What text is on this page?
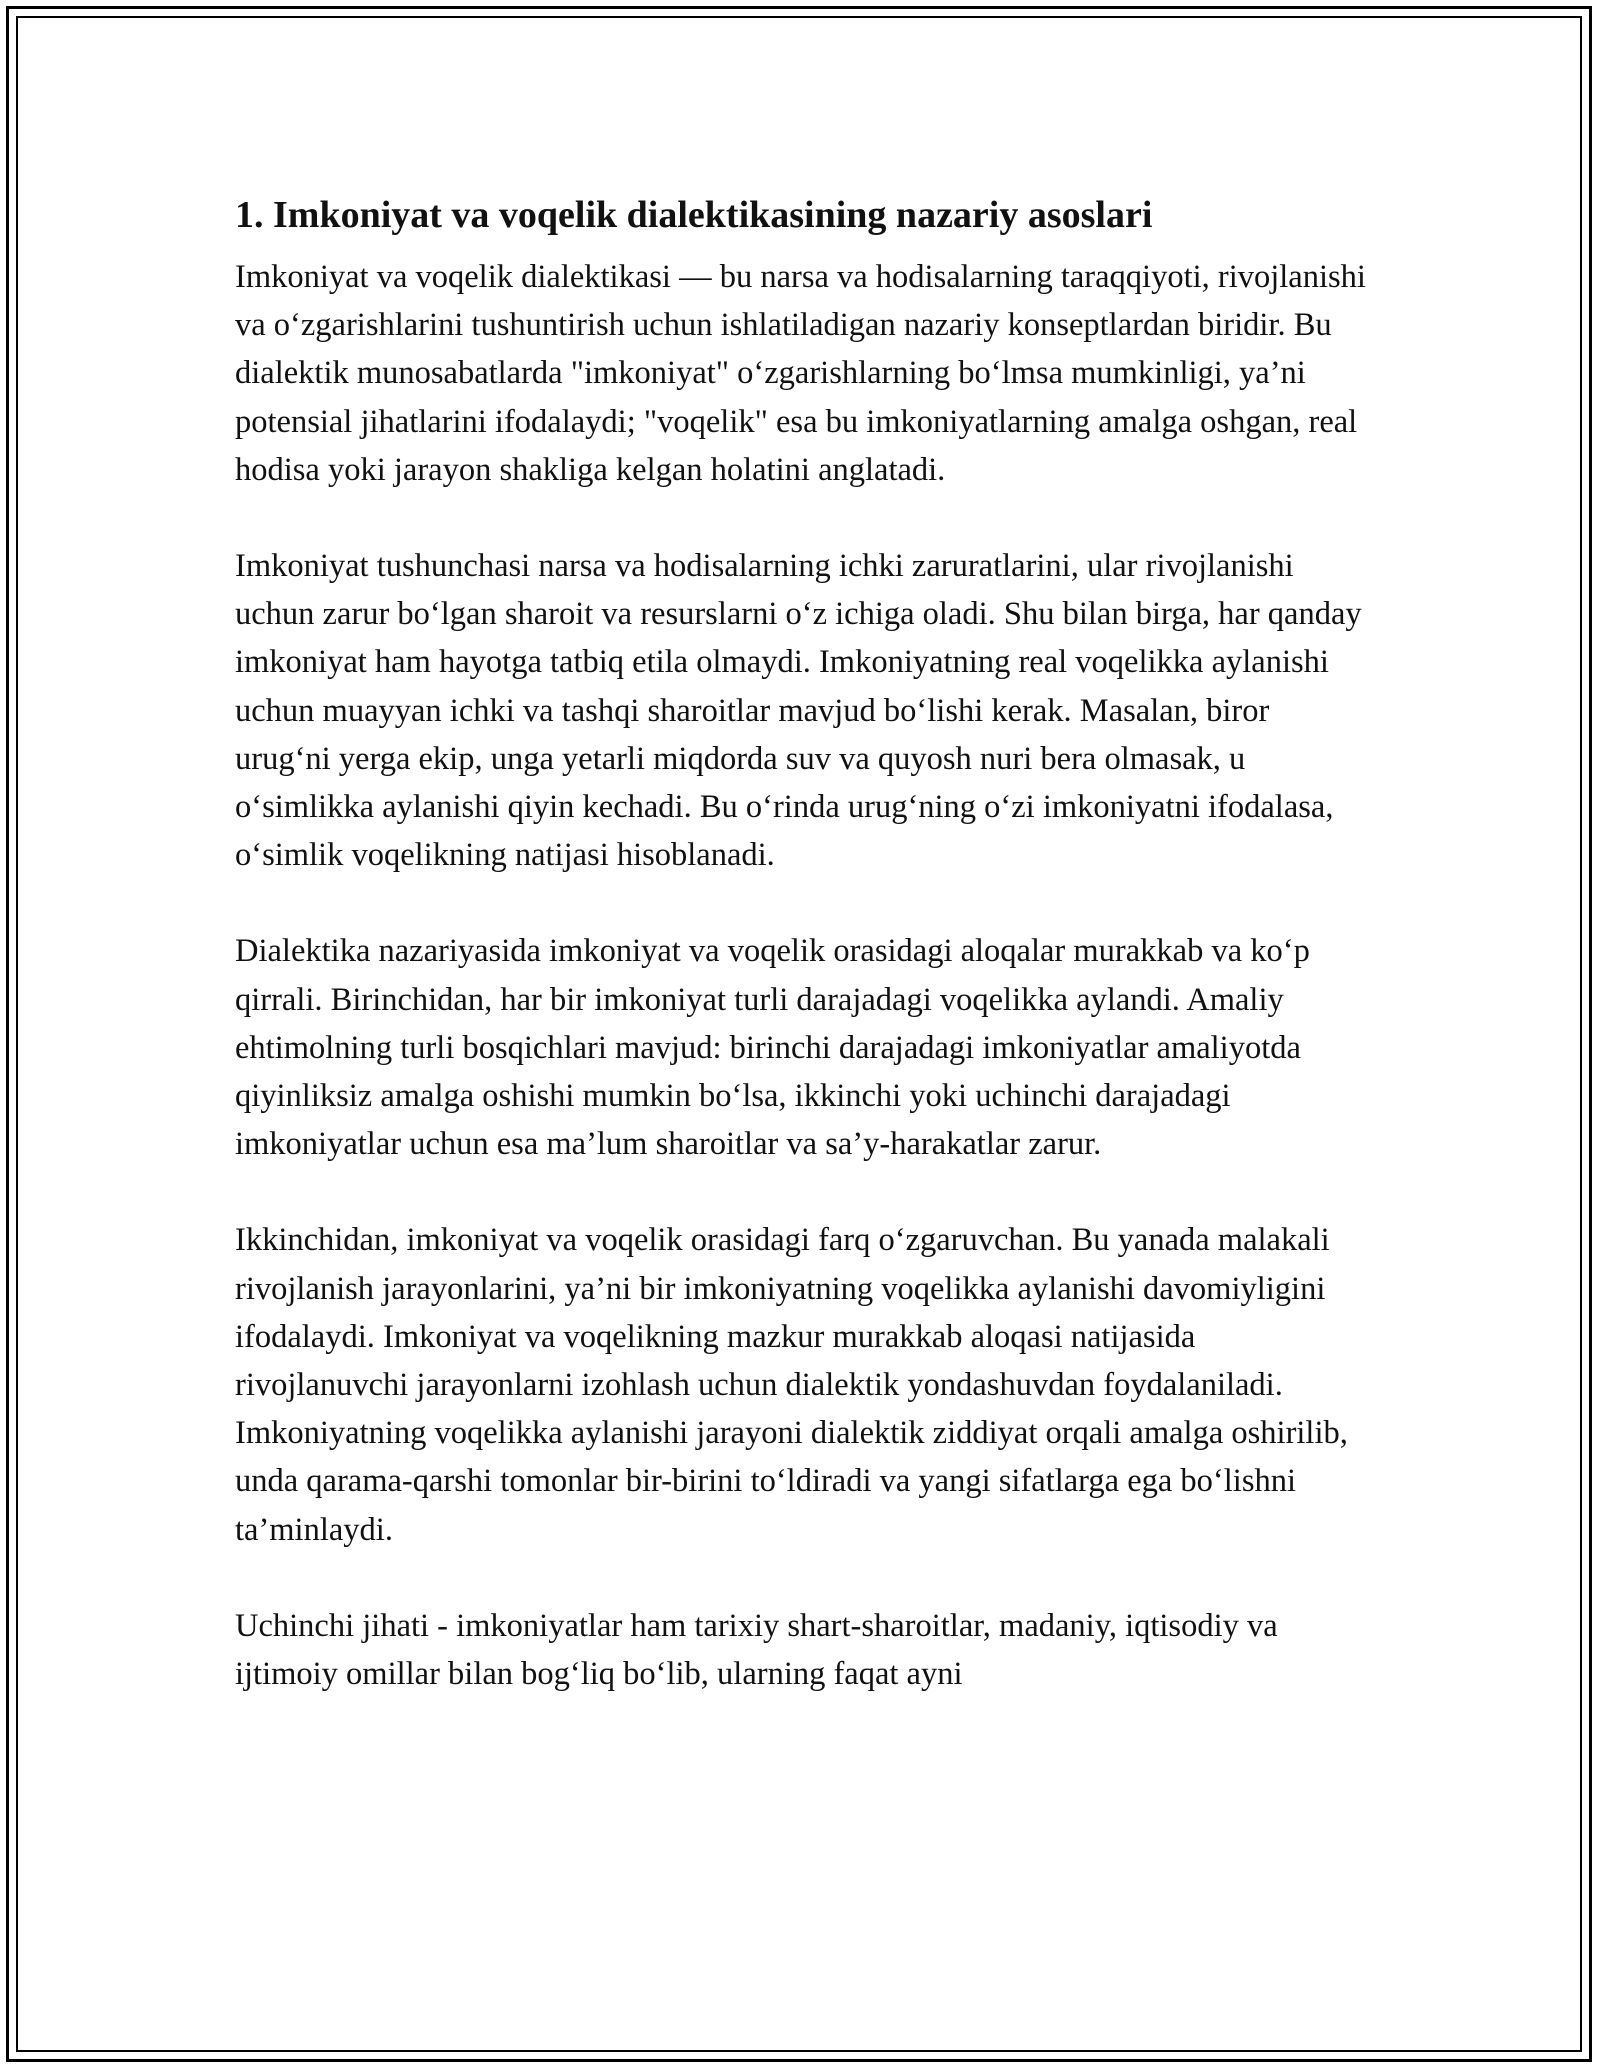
1. Imkoniyat va voqelik dialektikasining nazariy asoslari

Imkoniyat va voqelik dialektikasi — bu narsa va hodisalarning taraqqiyoti, rivojlanishi va o‘zgarishlarini tushuntirish uchun ishlatiladigan nazariy konseptlardan biridir. Bu dialektik munosabatlarda "imkoniyat" o‘zgarishlarning bo‘lmsa mumkinligi, ya’ni potensial jihatlarini ifodalaydi; "voqelik" esa bu imkoniyatlarning amalga oshgan, real hodisa yoki jarayon shakliga kelgan holatini anglatadi.

Imkoniyat tushunchasi narsa va hodisalarning ichki zaruratlarini, ular rivojlanishi uchun zarur bo‘lgan sharoit va resurslarni o‘z ichiga oladi. Shu bilan birga, har qanday imkoniyat ham hayotga tatbiq etila olmaydi. Imkoniyatning real voqelikka aylanishi uchun muayyan ichki va tashqi sharoitlar mavjud bo‘lishi kerak. Masalan, biror urug‘ni yerga ekip, unga yetarli miqdorda suv va quyosh nuri bera olmasak, u o‘simlikka aylanishi qiyin kechadi. Bu o‘rinda urug‘ning o‘zi imkoniyatni ifodalasa, o‘simlik voqelikning natijasi hisoblanadi.

Dialektika nazariyasida imkoniyat va voqelik orasidagi aloqalar murakkab va ko‘p qirrali. Birinchidan, har bir imkoniyat turli darajadagi voqelikka aylandi. Amaliy ehtimolning turli bosqichlari mavjud: birinchi darajadagi imkoniyatlar amaliyotda qiyinliksiz amalga oshishi mumkin bo‘lsa, ikkinchi yoki uchinchi darajadagi imkoniyatlar uchun esa ma’lum sharoitlar va sa’y-harakatlar zarur.

Ikkinchidan, imkoniyat va voqelik orasidagi farq o‘zgaruvchan. Bu yanada malakali rivojlanish jarayonlarini, ya’ni bir imkoniyatning voqelikka aylanishi davomiyligini ifodalaydi. Imkoniyat va voqelikning mazkur murakkab aloqasi natijasida rivojlanuvchi jarayonlarni izohlash uchun dialektik yondashuvdan foydalaniladi. Imkoniyatning voqelikka aylanishi jarayoni dialektik ziddiyat orqali amalga oshirilib, unda qarama-qarshi tomonlar bir-birini to‘ldiradi va yangi sifatlarga ega bo‘lishni ta’minlaydi.

Uchinchi jihati - imkoniyatlar ham tarixiy shart-sharoitlar, madaniy, iqtisodiy va ijtimoiy omillar bilan bog‘liq bo‘lib, ularning faqat ayni
